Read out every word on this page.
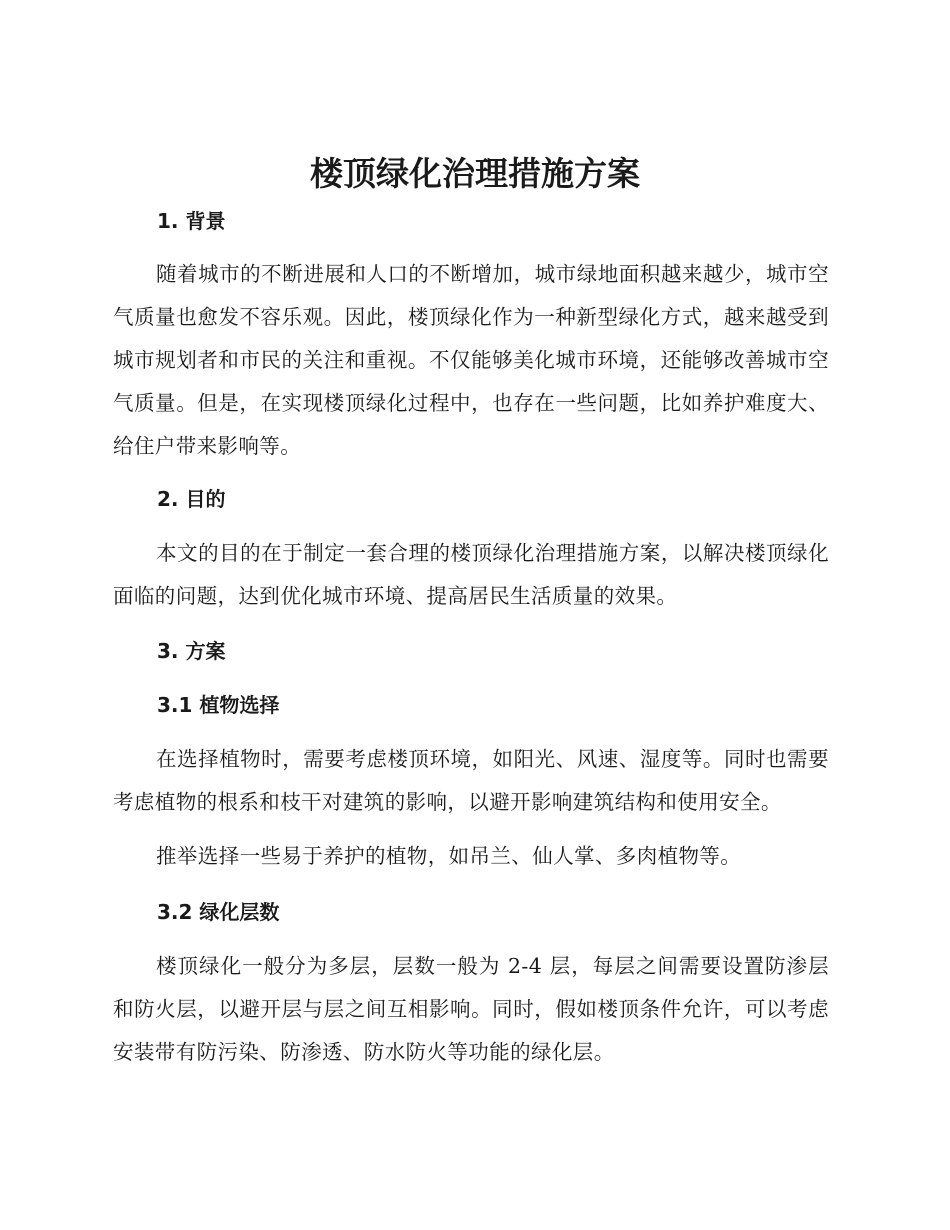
楼顶绿化治理措施方案
1. 背景

随着城市的不断进展和人口的不断增加，城市绿地面积越来越少，城市空气质量也愈发不容乐观。因此，楼顶绿化作为一种新型绿化方式，越来越受到城市规划者和市民的关注和重视。不仅能够美化城市环境，还能够改善城市空气质量。但是，在实现楼顶绿化过程中，也存在一些问题，比如养护难度大、给住户带来影响等。

2. 目的

本文的目的在于制定一套合理的楼顶绿化治理措施方案，以解决楼顶绿化面临的问题，达到优化城市环境、提高居民生活质量的效果。

3. 方案
3.1 植物选择

在选择植物时，需要考虑楼顶环境，如阳光、风速、湿度等。同时也需要考虑植物的根系和枝干对建筑的影响，以避开影响建筑结构和使用安全。

推举选择一些易于养护的植物，如吊兰、仙人掌、多肉植物等。

3.2 绿化层数

楼顶绿化一般分为多层，层数一般为 2-4 层，每层之间需要设置防渗层和防火层，以避开层与层之间互相影响。同时，假如楼顶条件允许，可以考虑安装带有防污染、防渗透、防水防火等功能的绿化层。
